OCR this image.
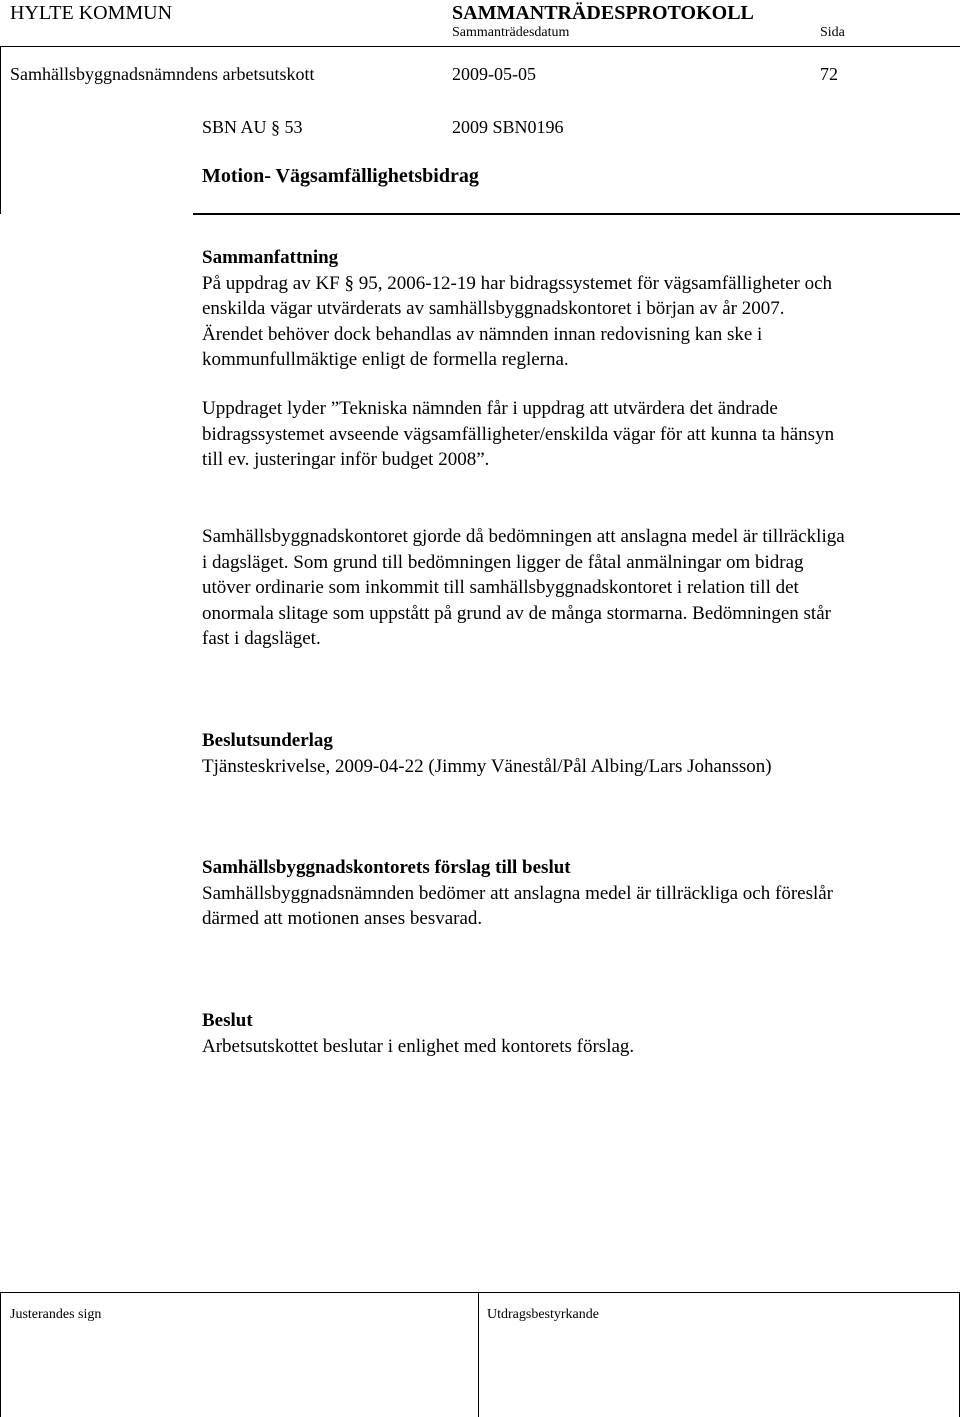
HYLTE KOMMUN	SAMMANTRÄDESPROTOKOLL
Sammanträdesdatum	Sida
Samhällsbyggnadsnämndens arbetsutskott	2009-05-05	72
SBN AU § 53	2009 SBN0196
Motion- Vägsamfällighetsbidrag

Sammanfattning

På uppdrag av KF § 95, 2006-12-19 har bidragssystemet för vägsamfälligheter och

enskilda vägar utvärderats av samhällsbyggnadskontoret i början av år 2007.

Ärendet behöver dock behandlas av nämnden innan redovisning kan ske i

kommunfullmäktige enligt de formella reglerna.

Uppdraget lyder ”Tekniska nämnden får i uppdrag att utvärdera det ändrade

bidragssystemet avseende vägsamfälligheter/enskilda vägar för att kunna ta hänsyn

till ev. justeringar inför budget 2008”.

Samhällsbyggnadskontoret gjorde då bedömningen att anslagna medel är tillräckliga

i dagsläget. Som grund till bedömningen ligger de fåtal anmälningar om bidrag

utöver ordinarie som inkommit till samhällsbyggnadskontoret i relation till det

onormala slitage som uppstått på grund av de många stormarna. Bedömningen står

fast i dagsläget.

Beslutsunderlag

Tjänsteskrivelse, 2009-04-22 (Jimmy Vänestål/Pål Albing/Lars Johansson)

Samhällsbyggnadskontorets förslag till beslut

Samhällsbyggnadsnämnden bedömer att anslagna medel är tillräckliga och föreslår

därmed att motionen anses besvarad.

Beslut

Arbetsutskottet beslutar i enlighet med kontorets förslag.

Justerandes sign	Utdragsbestyrkande
